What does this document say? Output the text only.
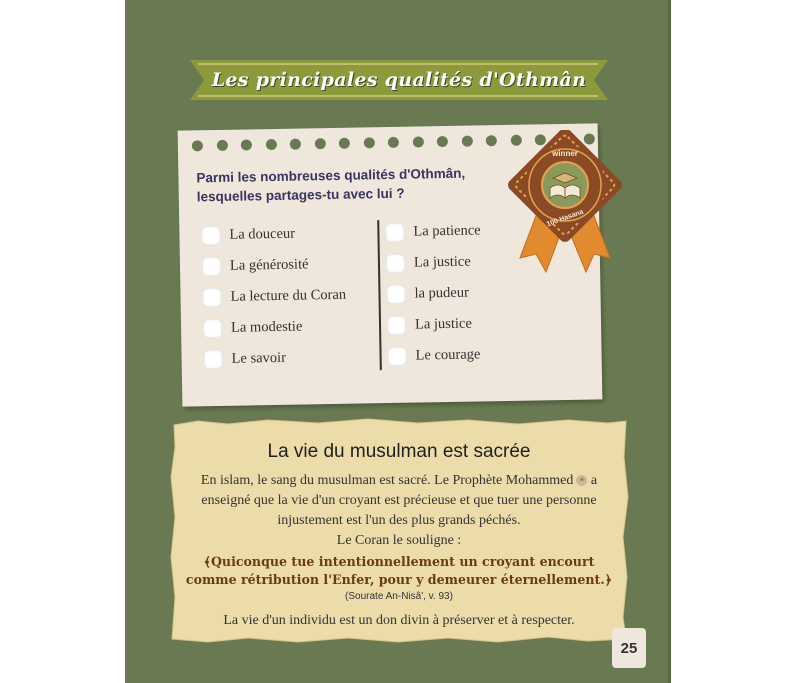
Les principales qualités d'Othmân
Parmi les nombreuses qualités d'Othmân, lesquelles partages-tu avec lui ?
La douceur
La générosité
La lecture du Coran
La modestie
Le savoir
La patience
La justice
la pudeur
La justice
Le courage
winner
100 Hasana
La vie du musulman est sacrée
En islam, le sang du musulman est sacré. Le Prophète Mohammed ✶ a enseigné que la vie d'un croyant est précieuse et que tuer une personne injustement est l'un des plus grands péchés.
Le Coran le souligne :
﴾Quiconque tue intentionnellement un croyant encourt comme rétribution l'Enfer, pour y demeurer éternellement.﴿
(Sourate An-Nisâ', v. 93)
La vie d'un individu est un don divin à préserver et à respecter.
25
